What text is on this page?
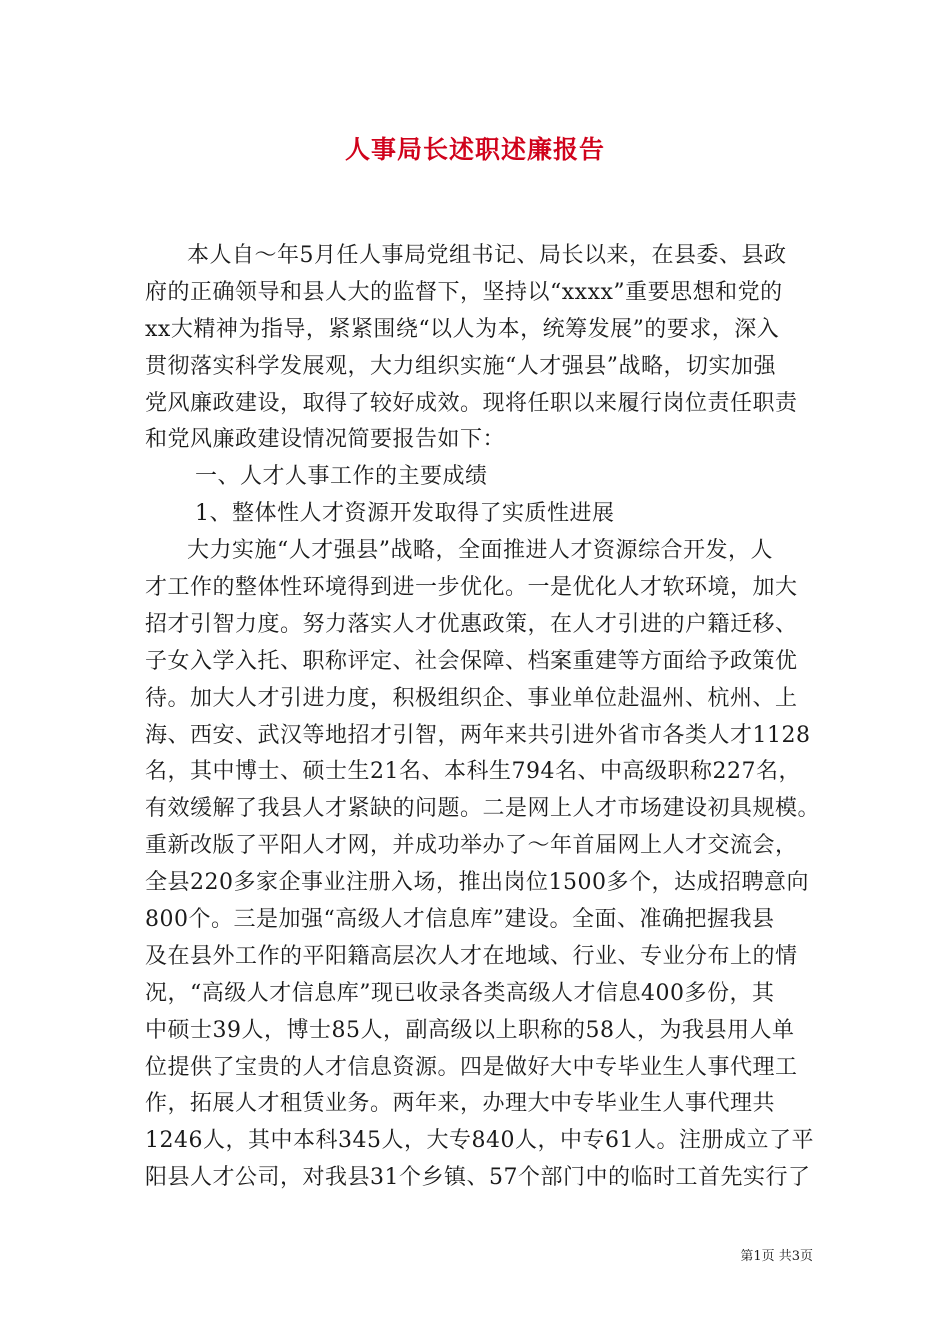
人事局长述职述廉报告
本人自～年5月任人事局党组书记、局长以来，在县委、县政
府的正确领导和县人大的监督下，坚持以“xxxx”重要思想和党的
xx大精神为指导，紧紧围绕“以人为本，统筹发展”的要求，深入
贯彻落实科学发展观，大力组织实施“人才强县”战略，切实加强
党风廉政建设，取得了较好成效。现将任职以来履行岗位责任职责
和党风廉政建设情况简要报告如下：
一、人才人事工作的主要成绩
1、整体性人才资源开发取得了实质性进展
大力实施“人才强县”战略，全面推进人才资源综合开发，人
才工作的整体性环境得到进一步优化。一是优化人才软环境，加大
招才引智力度。努力落实人才优惠政策，在人才引进的户籍迁移、
子女入学入托、职称评定、社会保障、档案重建等方面给予政策优
待。加大人才引进力度，积极组织企、事业单位赴温州、杭州、上
海、西安、武汉等地招才引智，两年来共引进外省市各类人才1128
名，其中博士、硕士生21名、本科生794名、中高级职称227名，
有效缓解了我县人才紧缺的问题。二是网上人才市场建设初具规模。
重新改版了平阳人才网，并成功举办了～年首届网上人才交流会，
全县220多家企事业注册入场，推出岗位1500多个，达成招聘意向
800个。三是加强“高级人才信息库”建设。全面、准确把握我县
及在县外工作的平阳籍高层次人才在地域、行业、专业分布上的情
况，“高级人才信息库”现已收录各类高级人才信息400多份，其
中硕士39人，博士85人，副高级以上职称的58人，为我县用人单
位提供了宝贵的人才信息资源。四是做好大中专毕业生人事代理工
作，拓展人才租赁业务。两年来，办理大中专毕业生人事代理共
1246人，其中本科345人，大专840人，中专61人。注册成立了平
阳县人才公司，对我县31个乡镇、57个部门中的临时工首先实行了
第1页 共3页
